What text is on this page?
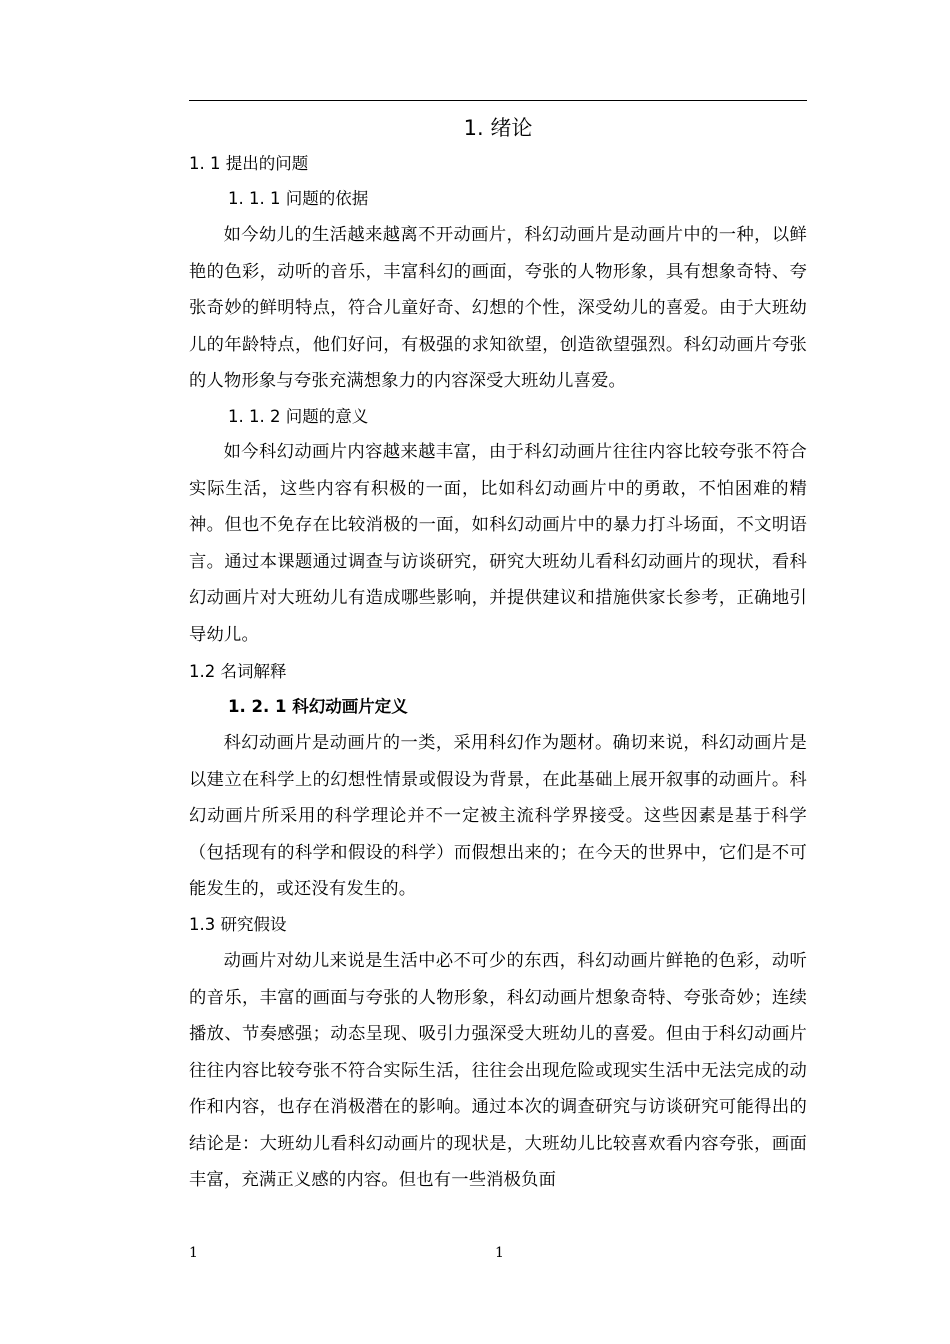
1. 绪论
1. 1 提出的问题
1. 1. 1 问题的依据
如今幼儿的生活越来越离不开动画片，科幻动画片是动画片中的一种，以鲜艳的色彩，动听的音乐，丰富科幻的画面，夸张的人物形象，具有想象奇特、夸张奇妙的鲜明特点，符合儿童好奇、幻想的个性，深受幼儿的喜爱。由于大班幼儿的年龄特点，他们好问，有极强的求知欲望，创造欲望强烈。科幻动画片夸张的人物形象与夸张充满想象力的内容深受大班幼儿喜爱。
1. 1. 2 问题的意义
如今科幻动画片内容越来越丰富，由于科幻动画片往往内容比较夸张不符合实际生活，这些内容有积极的一面，比如科幻动画片中的勇敢，不怕困难的精神。但也不免存在比较消极的一面，如科幻动画片中的暴力打斗场面，不文明语言。通过本课题通过调查与访谈研究，研究大班幼儿看科幻动画片的现状，看科幻动画片对大班幼儿有造成哪些影响，并提供建议和措施供家长参考，正确地引导幼儿。
1.2 名词解释
1. 2. 1 科幻动画片定义
科幻动画片是动画片的一类，采用科幻作为题材。确切来说，科幻动画片是以建立在科学上的幻想性情景或假设为背景，在此基础上展开叙事的动画片。科幻动画片所采用的科学理论并不一定被主流科学界接受。这些因素是基于科学（包括现有的科学和假设的科学）而假想出来的；在今天的世界中，它们是不可能发生的，或还没有发生的。
1.3 研究假设
动画片对幼儿来说是生活中必不可少的东西，科幻动画片鲜艳的色彩，动听的音乐，丰富的画面与夸张的人物形象，科幻动画片想象奇特、夸张奇妙；连续播放、节奏感强；动态呈现、吸引力强深受大班幼儿的喜爱。但由于科幻动画片往往内容比较夸张不符合实际生活，往往会出现危险或现实生活中无法完成的动作和内容，也存在消极潜在的影响。通过本次的调查研究与访谈研究可能得出的结论是：大班幼儿看科幻动画片的现状是，大班幼儿比较喜欢看内容夸张，画面丰富，充满正义感的内容。但也有一些消极负面
1	1
